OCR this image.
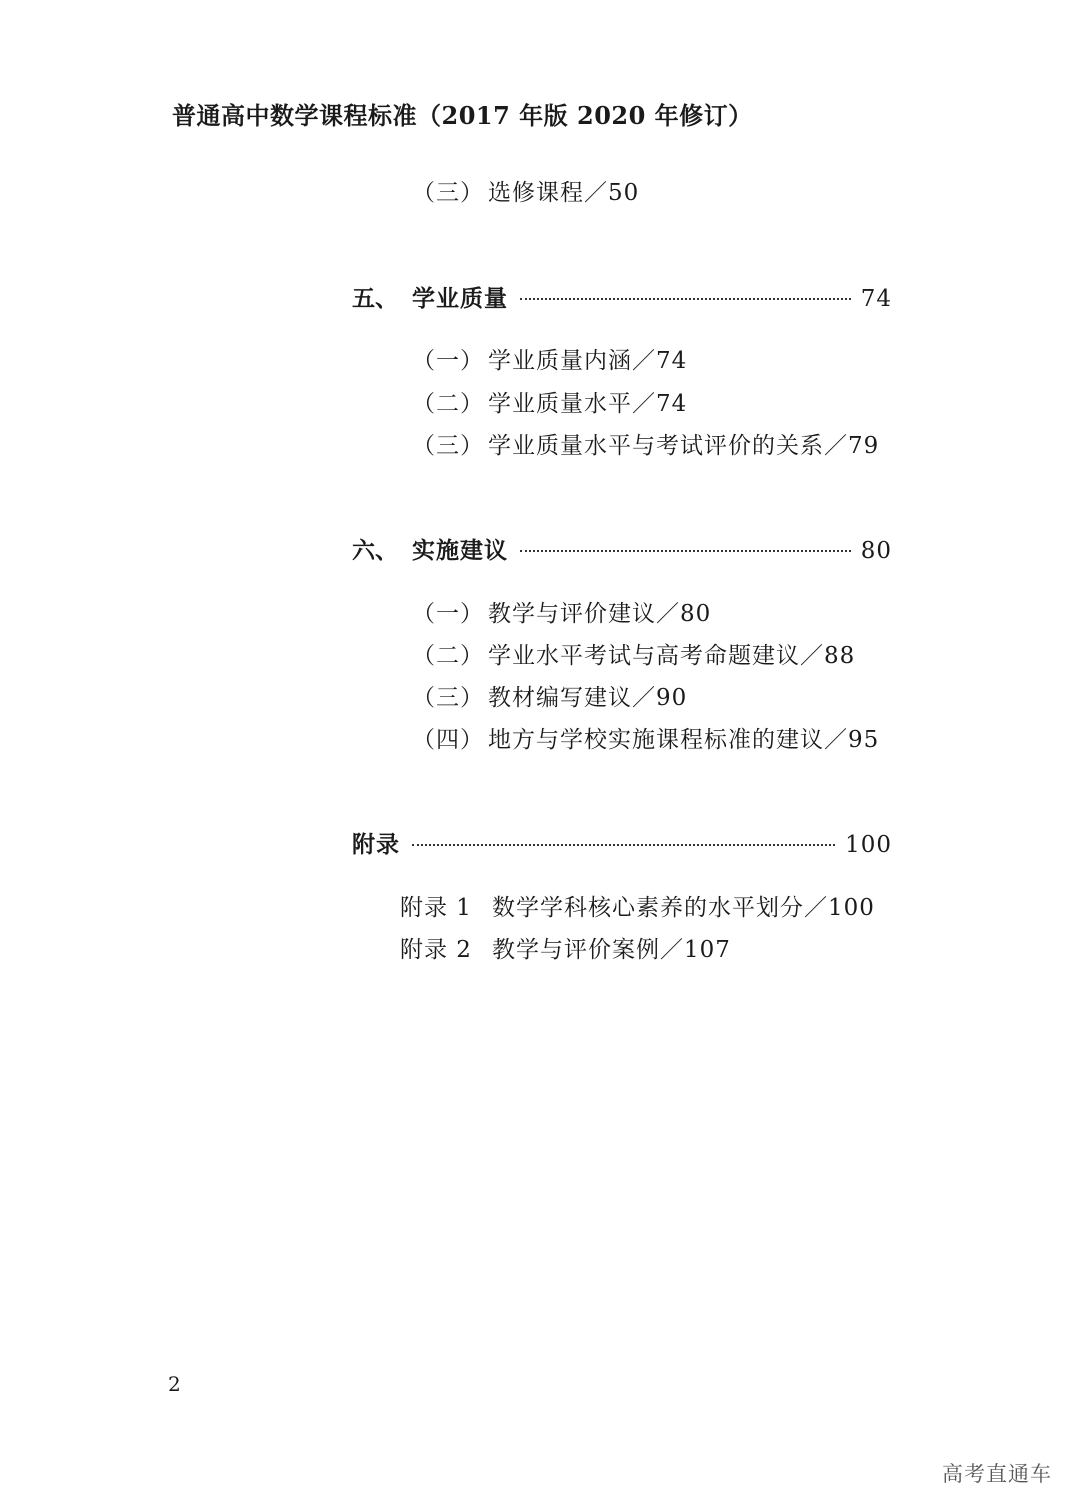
普通高中数学课程标准（2017 年版 2020 年修订）
（三） 选修课程／50
五、 学业质量	74
（一） 学业质量内涵／74
（二） 学业质量水平／74
（三） 学业质量水平与考试评价的关系／79
六、 实施建议	80
（一） 教学与评价建议／80
（二） 学业水平考试与高考命题建议／88
（三） 教材编写建议／90
（四） 地方与学校实施课程标准的建议／95
附录	100
附录 1 数学学科核心素养的水平划分／100
附录 2 教学与评价案例／107
2
高考直通车
